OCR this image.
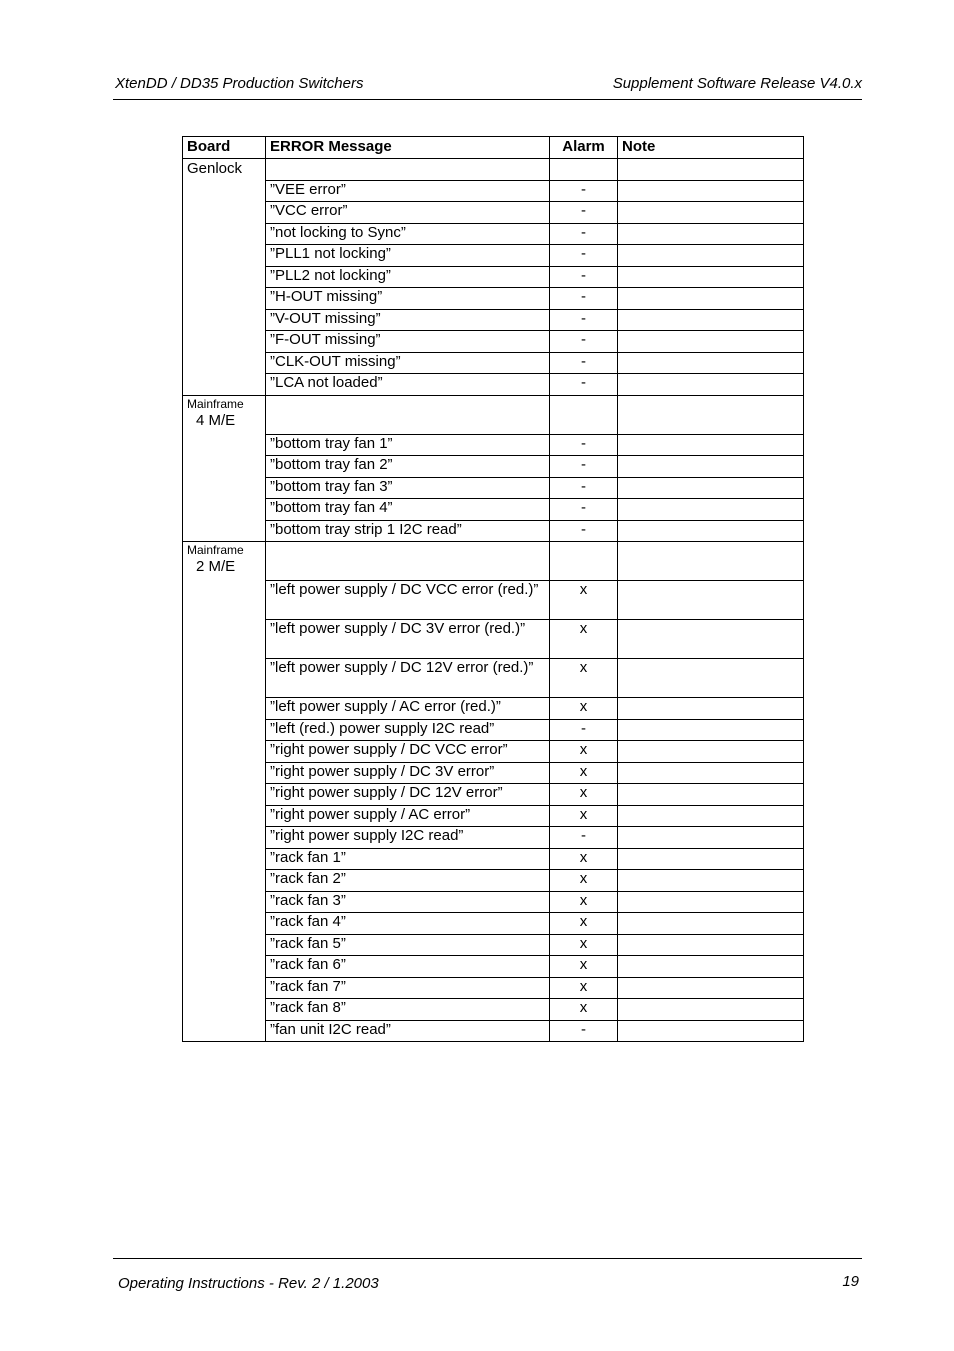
XtenDD / DD35 Production Switchers	Supplement Software Release V4.0.x
Board	ERROR Message	Alarm	Note

Genlock			

	”VEE error”	-	
	”VCC error”	-	
	”not locking to Sync”	-	
	”PLL1 not locking”	-	
	”PLL2 not locking”	-	
	”H-OUT missing”	-	
	”V-OUT missing”	-	
	”F-OUT missing”	-	
	”CLK-OUT missing”	-	
	”LCA not loaded”	-	

Mainframe
4 M/E			

	”bottom tray fan 1”	-	
	”bottom tray fan 2”	-	
	”bottom tray fan 3”	-	
	”bottom tray fan 4”	-	
	”bottom tray strip 1 I2C read”	-	

Mainframe
2 M/E			

	”left power supply / DC VCC error (red.)”	x	
	”left power supply / DC 3V error (red.)”	x	
	”left power supply / DC 12V error (red.)”	x	
	”left power supply / AC error (red.)”	x	
	”left (red.) power supply I2C read”	-	
	”right power supply / DC VCC error”	x	
	”right power supply / DC 3V error”	x	
	”right power supply / DC 12V error”	x	
	”right power supply / AC error”	x	
	”right power supply I2C read”	-	
	”rack fan 1”	x	
	”rack fan 2”	x	
	”rack fan 3”	x	
	”rack fan 4”	x	
	”rack fan 5”	x	
	”rack fan 6”	x	
	”rack fan 7”	x	
	”rack fan 8”	x	
	”fan unit I2C read”	-	
Operating Instructions - Rev. 2 / 1.2003	19
